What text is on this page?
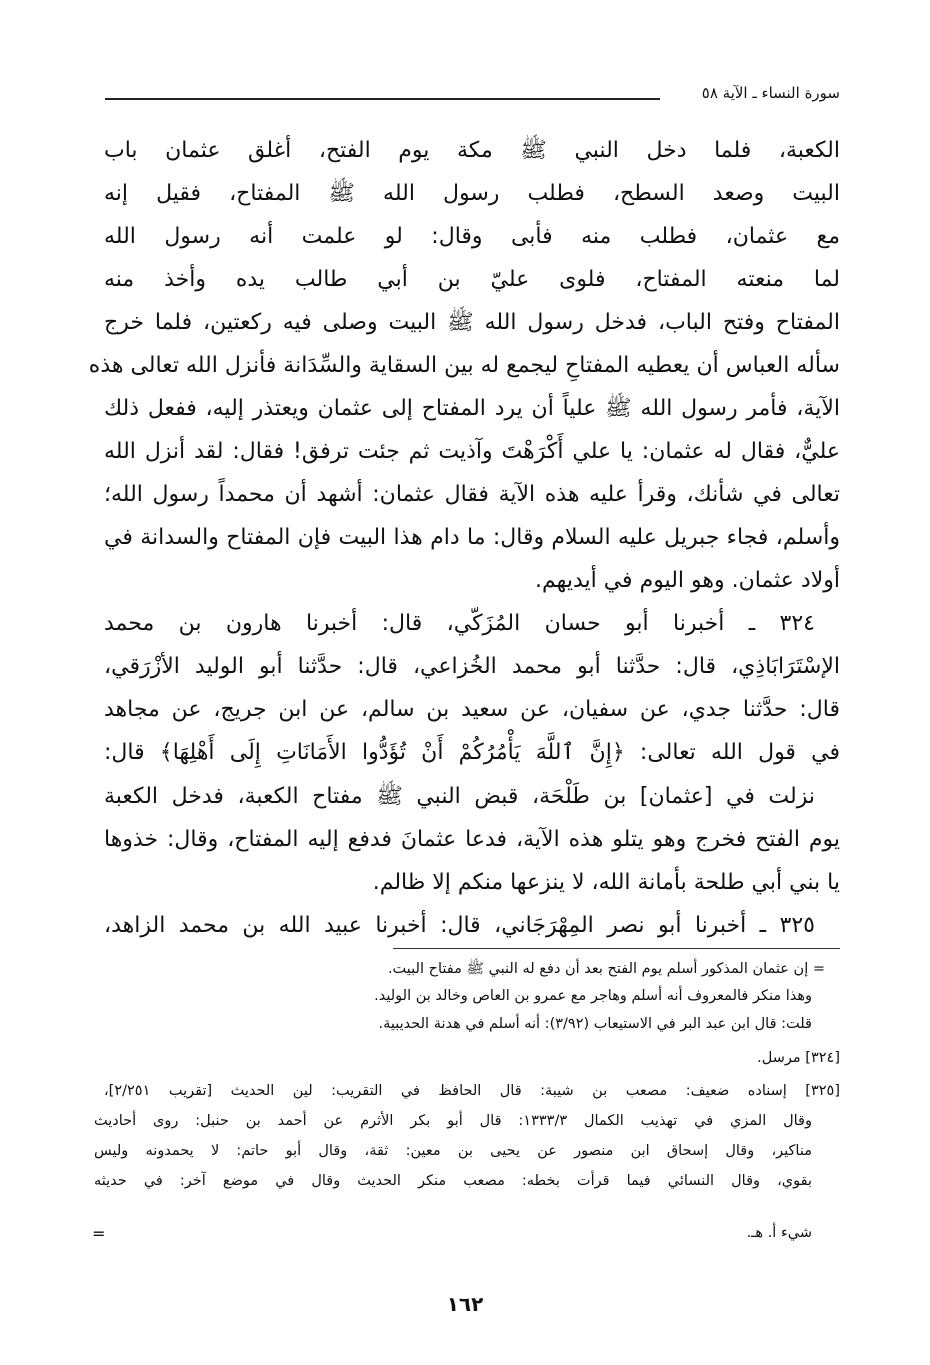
سورة النساء ـ الآية ٥٨
الكعبة، فلما دخل النبي ﷺ مكة يوم الفتح، أغلق عثمان باب
البيت وصعد السطح، فطلب رسول الله ﷺ المفتاح، فقيل إنه
مع عثمان، فطلب منه فأبى وقال: لو علمت أنه رسول الله
لما منعته المفتاح، فلوى عليّ بن أبي طالب يده وأخذ منه
المفتاح وفتح الباب، فدخل رسول الله ﷺ البيت وصلى فيه ركعتين، فلما خرج
سأله العباس أن يعطيه المفتاحِ ليجمع له بين السقاية والسِّدَانة فأنزل الله تعالى هذه
الآية، فأمر رسول الله ﷺ علياً أن يرد المفتاح إلى عثمان ويعتذر إليه، ففعل ذلك
عليٌّ، فقال له عثمان: يا علي أَكْرَهْتَ وآذيت ثم جئت ترفق! فقال: لقد أنزل الله
تعالى في شأنك، وقرأ عليه هذه الآية فقال عثمان: أشهد أن محمداً رسول الله؛
وأسلم، فجاء جبريل عليه السلام وقال: ما دام هذا البيت فإن المفتاح والسدانة في
أولاد عثمان. وهو اليوم في أيديهم.
٣٢٤ ـ أخبرنا أبو حسان المُزَكّي، قال: أخبرنا هارون بن محمد
الإسْتَرَابَاذِي، قال: حدَّثنا أبو محمد الخُزاعي، قال: حدَّثنا أبو الوليد الأزْرَقي،
قال: حدَّثنا جدي، عن سفيان، عن سعيد بن سالم، عن ابن جريج، عن مجاهد
في قول الله تعالى: ﴿إِنَّ ٱللَّهَ يَأْمُرُكُمْ أَنْ تُؤَدُّوا الأَمَانَاتِ إِلَى أَهْلِهَا﴾ قال:
نزلت في [عثمان] بن طَلْحَة، قبض النبي ﷺ مفتاح الكعبة، فدخل الكعبة
يوم الفتح فخرج وهو يتلو هذه الآية، فدعا عثمانَ فدفع إليه المفتاح، وقال: خذوها
يا بني أبي طلحة بأمانة الله، لا ينزعها منكم إلا ظالم.
٣٢٥ ـ أخبرنا أبو نصر المِهْرَجَاني، قال: أخبرنا عبيد الله بن محمد الزاهد،
= إن عثمان المذكور أسلم يوم الفتح بعد أن دفع له النبي ﷺ مفتاح البيت.
وهذا منكر فالمعروف أنه أسلم وهاجر مع عمرو بن العاص وخالد بن الوليد.
قلت: قال ابن عبد البر في الاستيعاب (٣/٩٢): أنه أسلم في هدنة الحديبية.
[٣٢٤] مرسل.
[٣٢٥] إسناده ضعيف: مصعب بن شيبة: قال الحافظ في التقريب: لين الحديث [تقريب ٢/٢٥١]،
وقال المزي في تهذيب الكمال ١٣٣٣/٣: قال أبو بكر الأثرم عن أحمد بن حنبل: روى أحاديث
مناكير، وقال إسحاق ابن منصور عن يحيى بن معين: ثقة، وقال أبو حاتم: لا يحمدونه وليس
بقوي، وقال النسائي فيما قرأت بخطه: مصعب منكر الحديث وقال في موضع آخر: في حديثه
شيء أ. هـ.
=
١٦٢
